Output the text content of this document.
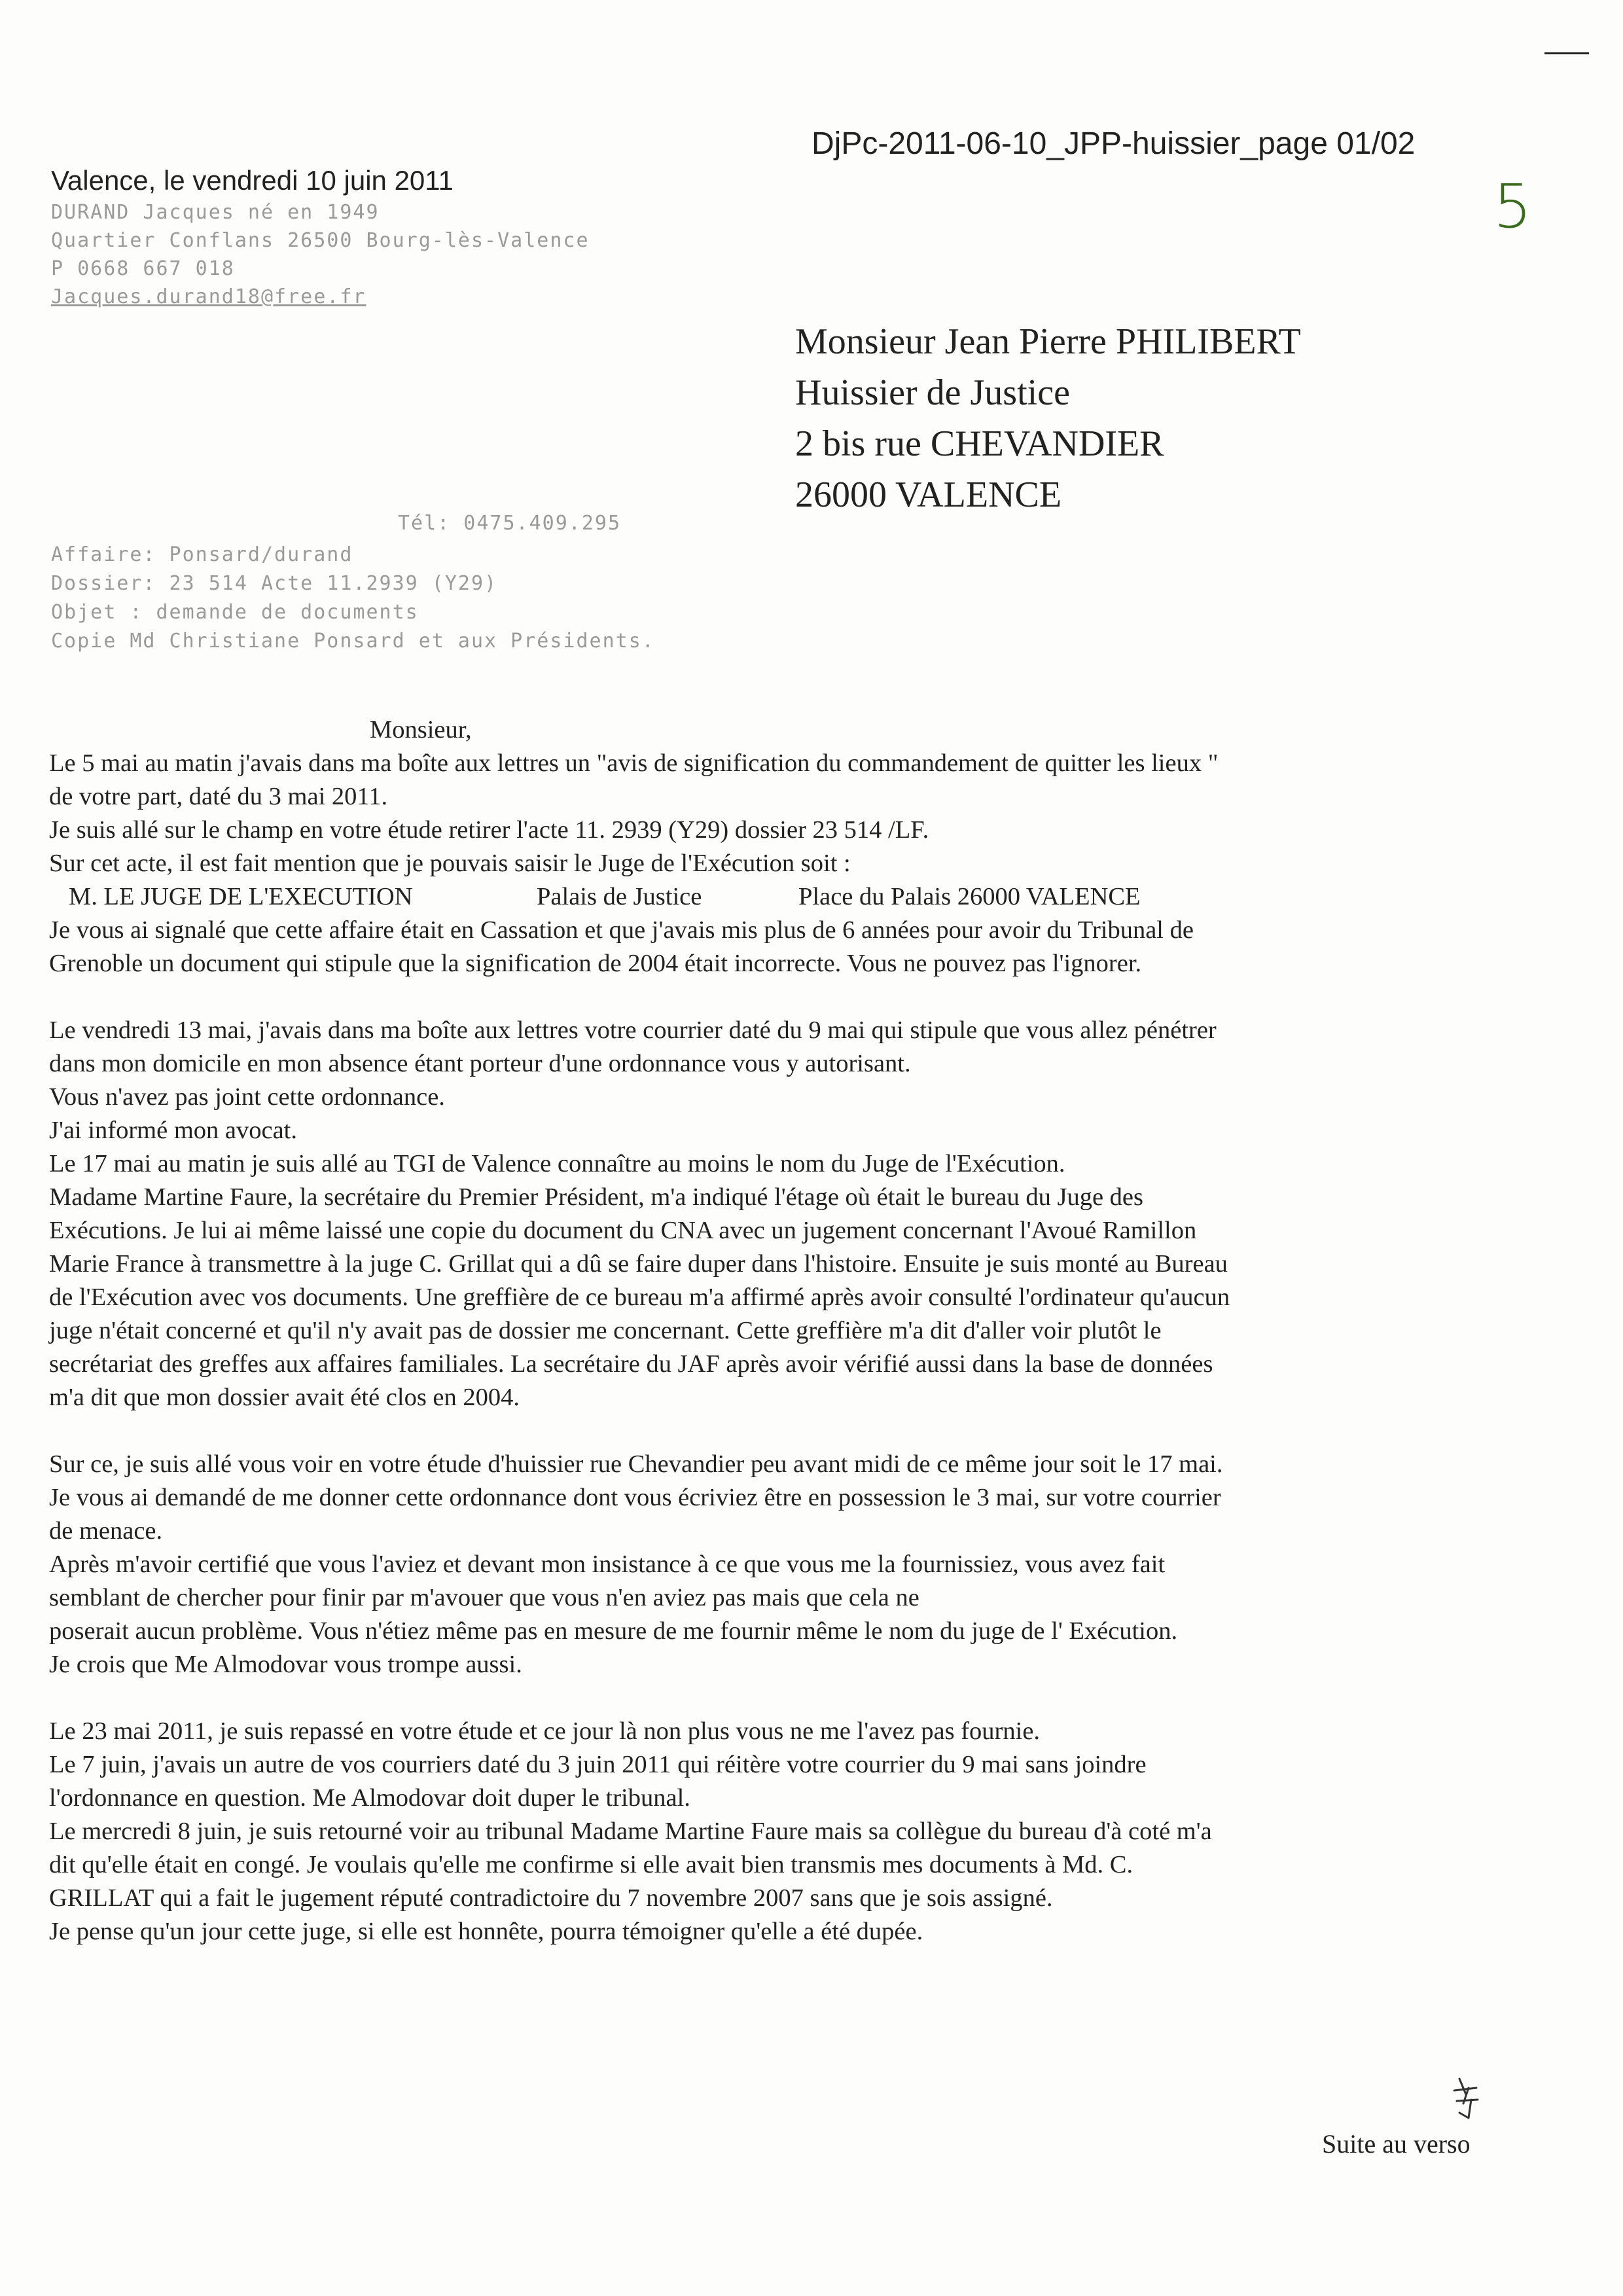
DjPc-2011-06-10_JPP-huissier_page 01/02
5
Valence, le vendredi 10 juin 2011
DURAND Jacques né en 1949
Quartier Conflans 26500 Bourg-lès-Valence
P 0668 667 018
Jacques.durand18@free.fr
Monsieur Jean Pierre PHILIBERT
Huissier de Justice
2 bis rue CHEVANDIER
26000 VALENCE
Tél: 0475.409.295
Affaire: Ponsard/durand
Dossier: 23 514 Acte 11.2939 (Y29)
Objet : demande de documents
Copie Md Christiane Ponsard et aux Présidents.

Monsieur,

Le 5 mai au matin j'avais dans ma boîte aux lettres un "avis de signification du commandement de quitter les lieux "

de votre part, daté du 3 mai 2011.

Je suis allé sur le champ en votre étude retirer l'acte 11. 2939 (Y29) dossier 23 514 /LF.

Sur cet acte, il est fait mention que je pouvais saisir le Juge de l'Exécution soit :

M. LE JUGE DE L'EXECUTION	Palais de Justice	Place du Palais 26000 VALENCE

Je vous ai signalé que cette affaire était en Cassation et que j'avais mis plus de 6 années pour avoir du Tribunal de

Grenoble un document qui stipule que la signification de 2004 était incorrecte. Vous ne pouvez pas l'ignorer.

Le vendredi 13 mai, j'avais dans ma boîte aux lettres votre courrier daté du 9 mai qui stipule que vous allez pénétrer

dans mon domicile en mon absence étant porteur d'une ordonnance vous y autorisant.

Vous n'avez pas joint cette ordonnance.

J'ai informé mon avocat.

Le 17 mai au matin je suis allé au TGI de Valence connaître au moins le nom du Juge de l'Exécution.

Madame Martine Faure, la secrétaire du Premier Président, m'a indiqué l'étage où était le bureau du Juge des

Exécutions. Je lui ai même laissé une copie du document du CNA avec un jugement concernant l'Avoué Ramillon

Marie France à transmettre à la juge C. Grillat qui a dû se faire duper dans l'histoire. Ensuite je suis monté au Bureau

de l'Exécution avec vos documents. Une greffière de ce bureau m'a affirmé après avoir consulté l'ordinateur qu'aucun

juge n'était concerné et qu'il n'y avait pas de dossier me concernant. Cette greffière m'a dit d'aller voir plutôt le

secrétariat des greffes aux affaires familiales. La secrétaire du JAF après avoir vérifié aussi dans la base de données

m'a dit que mon dossier avait été clos en 2004.

Sur ce, je suis allé vous voir en votre étude d'huissier rue Chevandier peu avant midi de ce même jour soit le 17 mai.

Je vous ai demandé de me donner cette ordonnance dont vous écriviez être en possession le 3 mai, sur votre courrier

de menace.

Après m'avoir certifié que vous l'aviez et devant mon insistance à ce que vous me la fournissiez, vous avez fait

semblant de chercher pour finir par m'avouer que vous n'en aviez pas mais que cela ne

poserait aucun problème. Vous n'étiez même pas en mesure de me fournir même le nom du juge de l' Exécution.

Je crois que Me Almodovar vous trompe aussi.

Le 23 mai 2011, je suis repassé en votre étude et ce jour là non plus vous ne me l'avez pas fournie.

Le 7 juin, j'avais un autre de vos courriers daté du 3 juin 2011 qui réitère votre courrier du 9 mai sans joindre

l'ordonnance en question. Me Almodovar doit duper le tribunal.

Le mercredi 8 juin, je suis retourné voir au tribunal Madame Martine Faure mais sa collègue du bureau d'à coté m'a

dit qu'elle était en congé. Je voulais qu'elle me confirme si elle avait bien transmis mes documents à Md. C.

GRILLAT qui a fait le jugement réputé contradictoire du 7 novembre 2007 sans que je sois assigné.

Je pense qu'un jour cette juge, si elle est honnête, pourra témoigner qu'elle a été dupée.

Suite au verso
